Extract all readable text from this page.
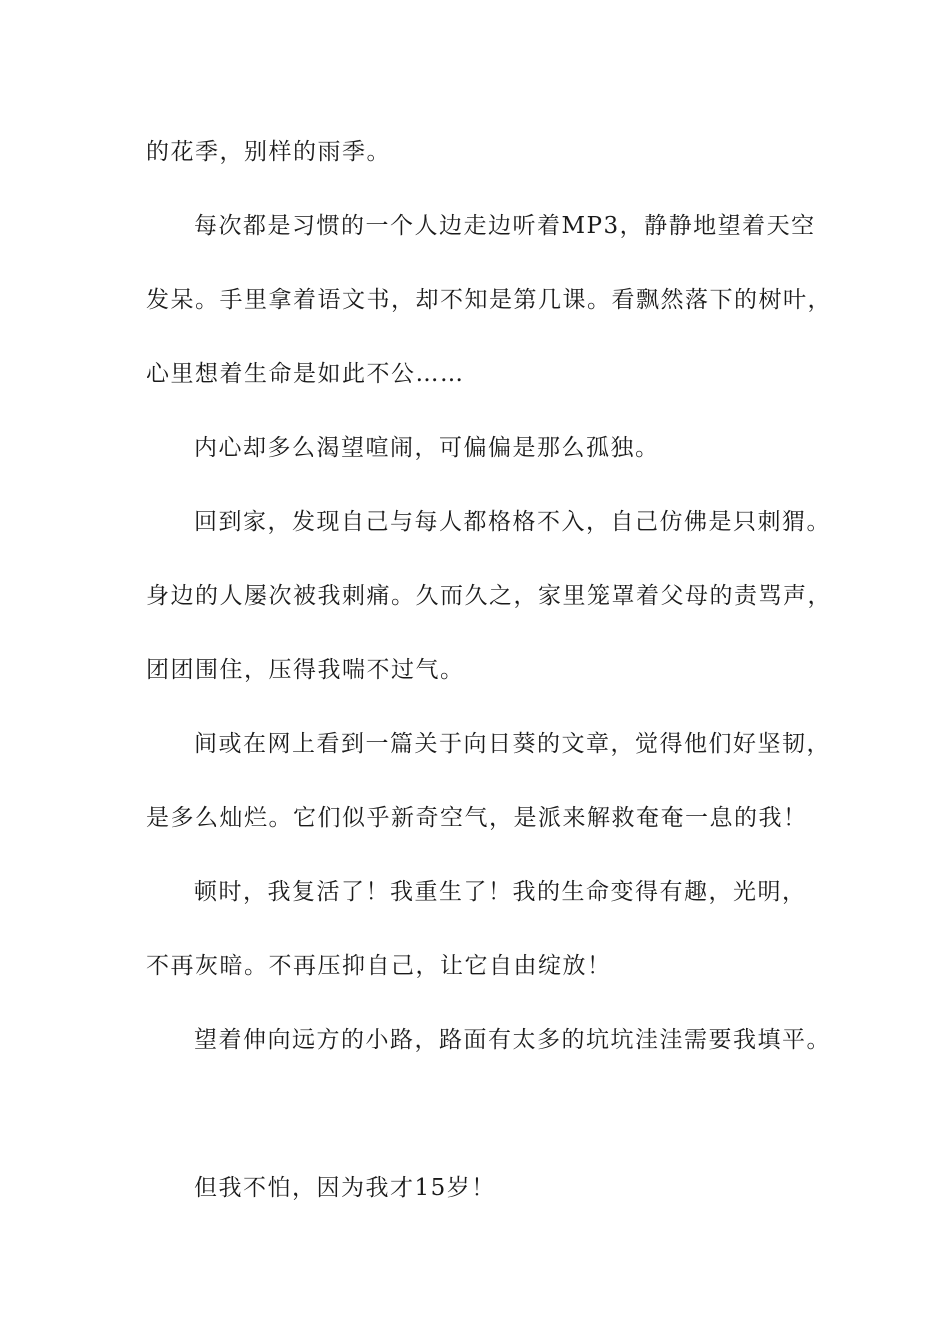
的花季，别样的雨季。
每次都是习惯的一个人边走边听着MP3，静静地望着天空
发呆。手里拿着语文书，却不知是第几课。看飘然落下的树叶，
心里想着生命是如此不公……
内心却多么渴望喧闹，可偏偏是那么孤独。
回到家，发现自己与每人都格格不入，自己仿佛是只刺猬。
身边的人屡次被我刺痛。久而久之，家里笼罩着父母的责骂声，
团团围住，压得我喘不过气。
间或在网上看到一篇关于向日葵的文章，觉得他们好坚韧，
是多么灿烂。它们似乎新奇空气，是派来解救奄奄一息的我！
顿时，我复活了！我重生了！我的生命变得有趣，光明，
不再灰暗。不再压抑自己，让它自由绽放！
望着伸向远方的小路，路面有太多的坑坑洼洼需要我填平。
但我不怕，因为我才15岁！
